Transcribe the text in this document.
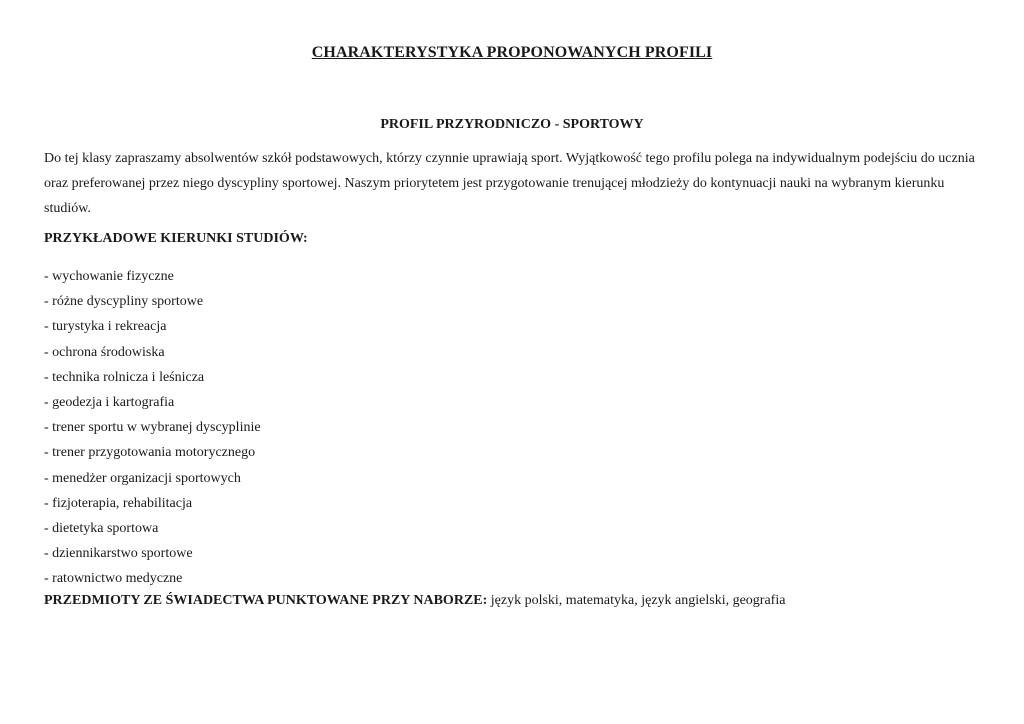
CHARAKTERYSTYKA PROPONOWANYCH PROFILI
PROFIL PRZYRODNICZO - SPORTOWY

Do tej klasy zapraszamy absolwentów szkół podstawowych, którzy czynnie uprawiają sport. Wyjątkowość tego profilu polega na indywidualnym podejściu do ucznia oraz preferowanej przez niego dyscypliny sportowej. Naszym priorytetem jest przygotowanie trenującej młodzieży do kontynuacji nauki na wybranym kierunku studiów.

PRZYKŁADOWE KIERUNKI STUDIÓW:

- wychowanie fizyczne
- różne dyscypliny sportowe
- turystyka i rekreacja
- ochrona środowiska
- technika rolnicza i leśnicza
- geodezja i kartografia
- trener sportu w wybranej dyscyplinie
- trener przygotowania motorycznego
- menedżer organizacji sportowych
- fizjoterapia, rehabilitacja
- dietetyka sportowa
- dziennikarstwo sportowe
- ratownictwo medyczne

PRZEDMIOTY ZE ŚWIADECTWA PUNKTOWANE PRZY NABORZE: język polski, matematyka, język angielski, geografia
